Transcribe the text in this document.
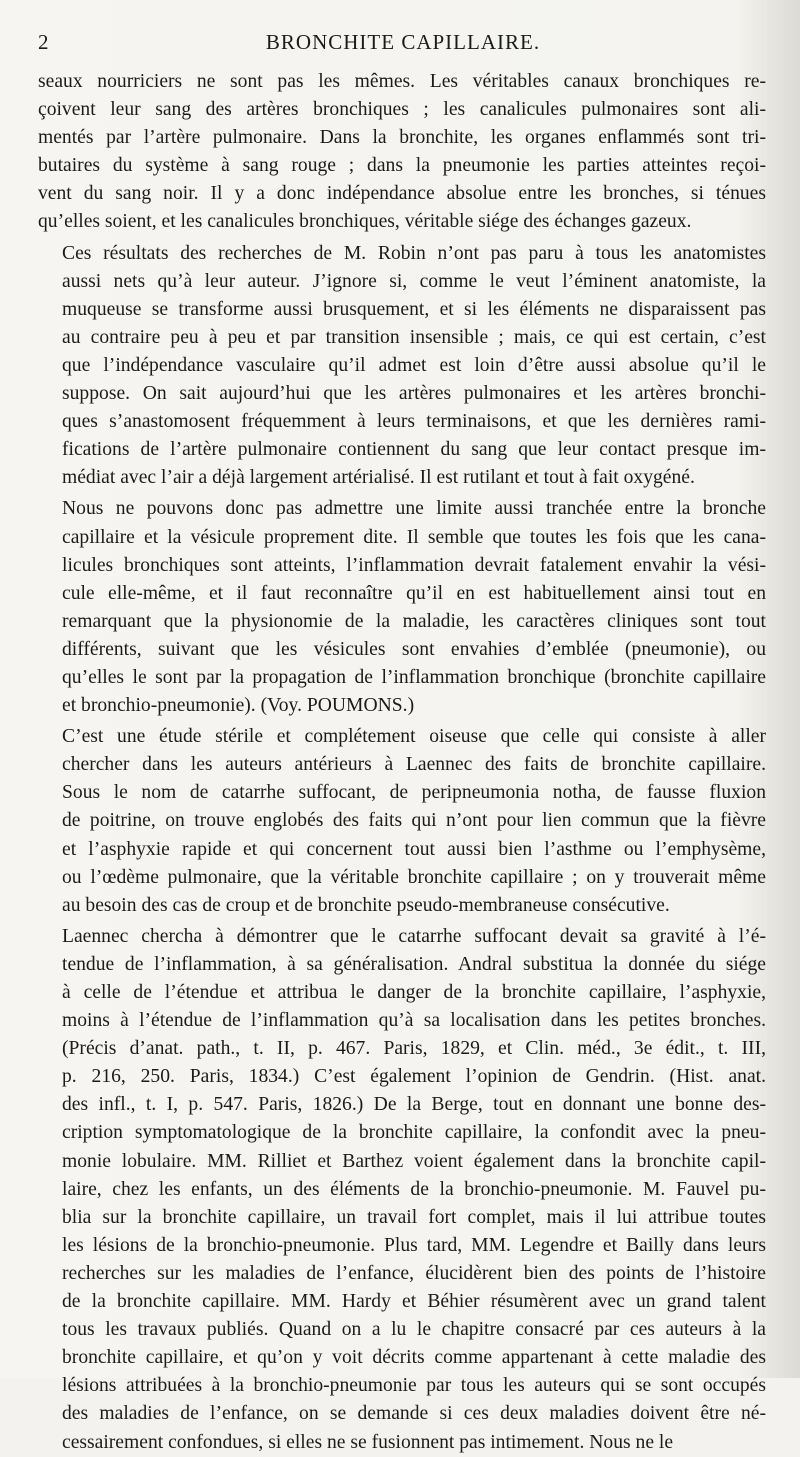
2	BRONCHITE CAPILLAIRE.

seaux nourriciers ne sont pas les mêmes. Les véritables canaux bronchiques re-
çoivent leur sang des artères bronchiques ; les canalicules pulmonaires sont ali-
mentés par l’artère pulmonaire. Dans la bronchite, les organes enflammés sont tri-
butaires du système à sang rouge ; dans la pneumonie les parties atteintes reçoi-
vent du sang noir. Il y a donc indépendance absolue entre les bronches, si ténues
qu’elles soient, et les canalicules bronchiques, véritable siége des échanges gazeux.

Ces résultats des recherches de M. Robin n’ont pas paru à tous les anatomistes
aussi nets qu’à leur auteur. J’ignore si, comme le veut l’éminent anatomiste, la
muqueuse se transforme aussi brusquement, et si les éléments ne disparaissent pas
au contraire peu à peu et par transition insensible ; mais, ce qui est certain, c’est
que l’indépendance vasculaire qu’il admet est loin d’être aussi absolue qu’il le
suppose. On sait aujourd’hui que les artères pulmonaires et les artères bronchi-
ques s’anastomosent fréquemment à leurs terminaisons, et que les dernières rami-
fications de l’artère pulmonaire contiennent du sang que leur contact presque im-
médiat avec l’air a déjà largement artérialisé. Il est rutilant et tout à fait oxygéné.

Nous ne pouvons donc pas admettre une limite aussi tranchée entre la bronche
capillaire et la vésicule proprement dite. Il semble que toutes les fois que les cana-
licules bronchiques sont atteints, l’inflammation devrait fatalement envahir la vési-
cule elle-même, et il faut reconnaître qu’il en est habituellement ainsi tout en
remarquant que la physionomie de la maladie, les caractères cliniques sont tout
différents, suivant que les vésicules sont envahies d’emblée (pneumonie), ou
qu’elles le sont par la propagation de l’inflammation bronchique (bronchite capillaire
et bronchio-pneumonie). (Voy. POUMONS.)

C’est une étude stérile et complétement oiseuse que celle qui consiste à aller
chercher dans les auteurs antérieurs à Laennec des faits de bronchite capillaire.
Sous le nom de catarrhe suffocant, de peripneumonia notha, de fausse fluxion
de poitrine, on trouve englobés des faits qui n’ont pour lien commun que la fièvre
et l’asphyxie rapide et qui concernent tout aussi bien l’asthme ou l’emphysème,
ou l’œdème pulmonaire, que la véritable bronchite capillaire ; on y trouverait même
au besoin des cas de croup et de bronchite pseudo-membraneuse consécutive.

Laennec chercha à démontrer que le catarrhe suffocant devait sa gravité à l’é-
tendue de l’inflammation, à sa généralisation. Andral substitua la donnée du siége
à celle de l’étendue et attribua le danger de la bronchite capillaire, l’asphyxie,
moins à l’étendue de l’inflammation qu’à sa localisation dans les petites bronches.
(Précis d’anat. path., t. II, p. 467. Paris, 1829, et Clin. méd., 3e édit., t. III,
p. 216, 250. Paris, 1834.) C’est également l’opinion de Gendrin. (Hist. anat.
des infl., t. I, p. 547. Paris, 1826.) De la Berge, tout en donnant une bonne des-
cription symptomatologique de la bronchite capillaire, la confondit avec la pneu-
monie lobulaire. MM. Rilliet et Barthez voient également dans la bronchite capil-
laire, chez les enfants, un des éléments de la bronchio-pneumonie. M. Fauvel pu-
blia sur la bronchite capillaire, un travail fort complet, mais il lui attribue toutes
les lésions de la bronchio-pneumonie. Plus tard, MM. Legendre et Bailly dans leurs
recherches sur les maladies de l’enfance, élucidèrent bien des points de l’histoire
de la bronchite capillaire. MM. Hardy et Béhier résumèrent avec un grand talent
tous les travaux publiés. Quand on a lu le chapitre consacré par ces auteurs à la
bronchite capillaire, et qu’on y voit décrits comme appartenant à cette maladie des
lésions attribuées à la bronchio-pneumonie par tous les auteurs qui se sont occupés
des maladies de l’enfance, on se demande si ces deux maladies doivent être né-
cessairement confondues, si elles ne se fusionnent pas intimement. Nous ne le
